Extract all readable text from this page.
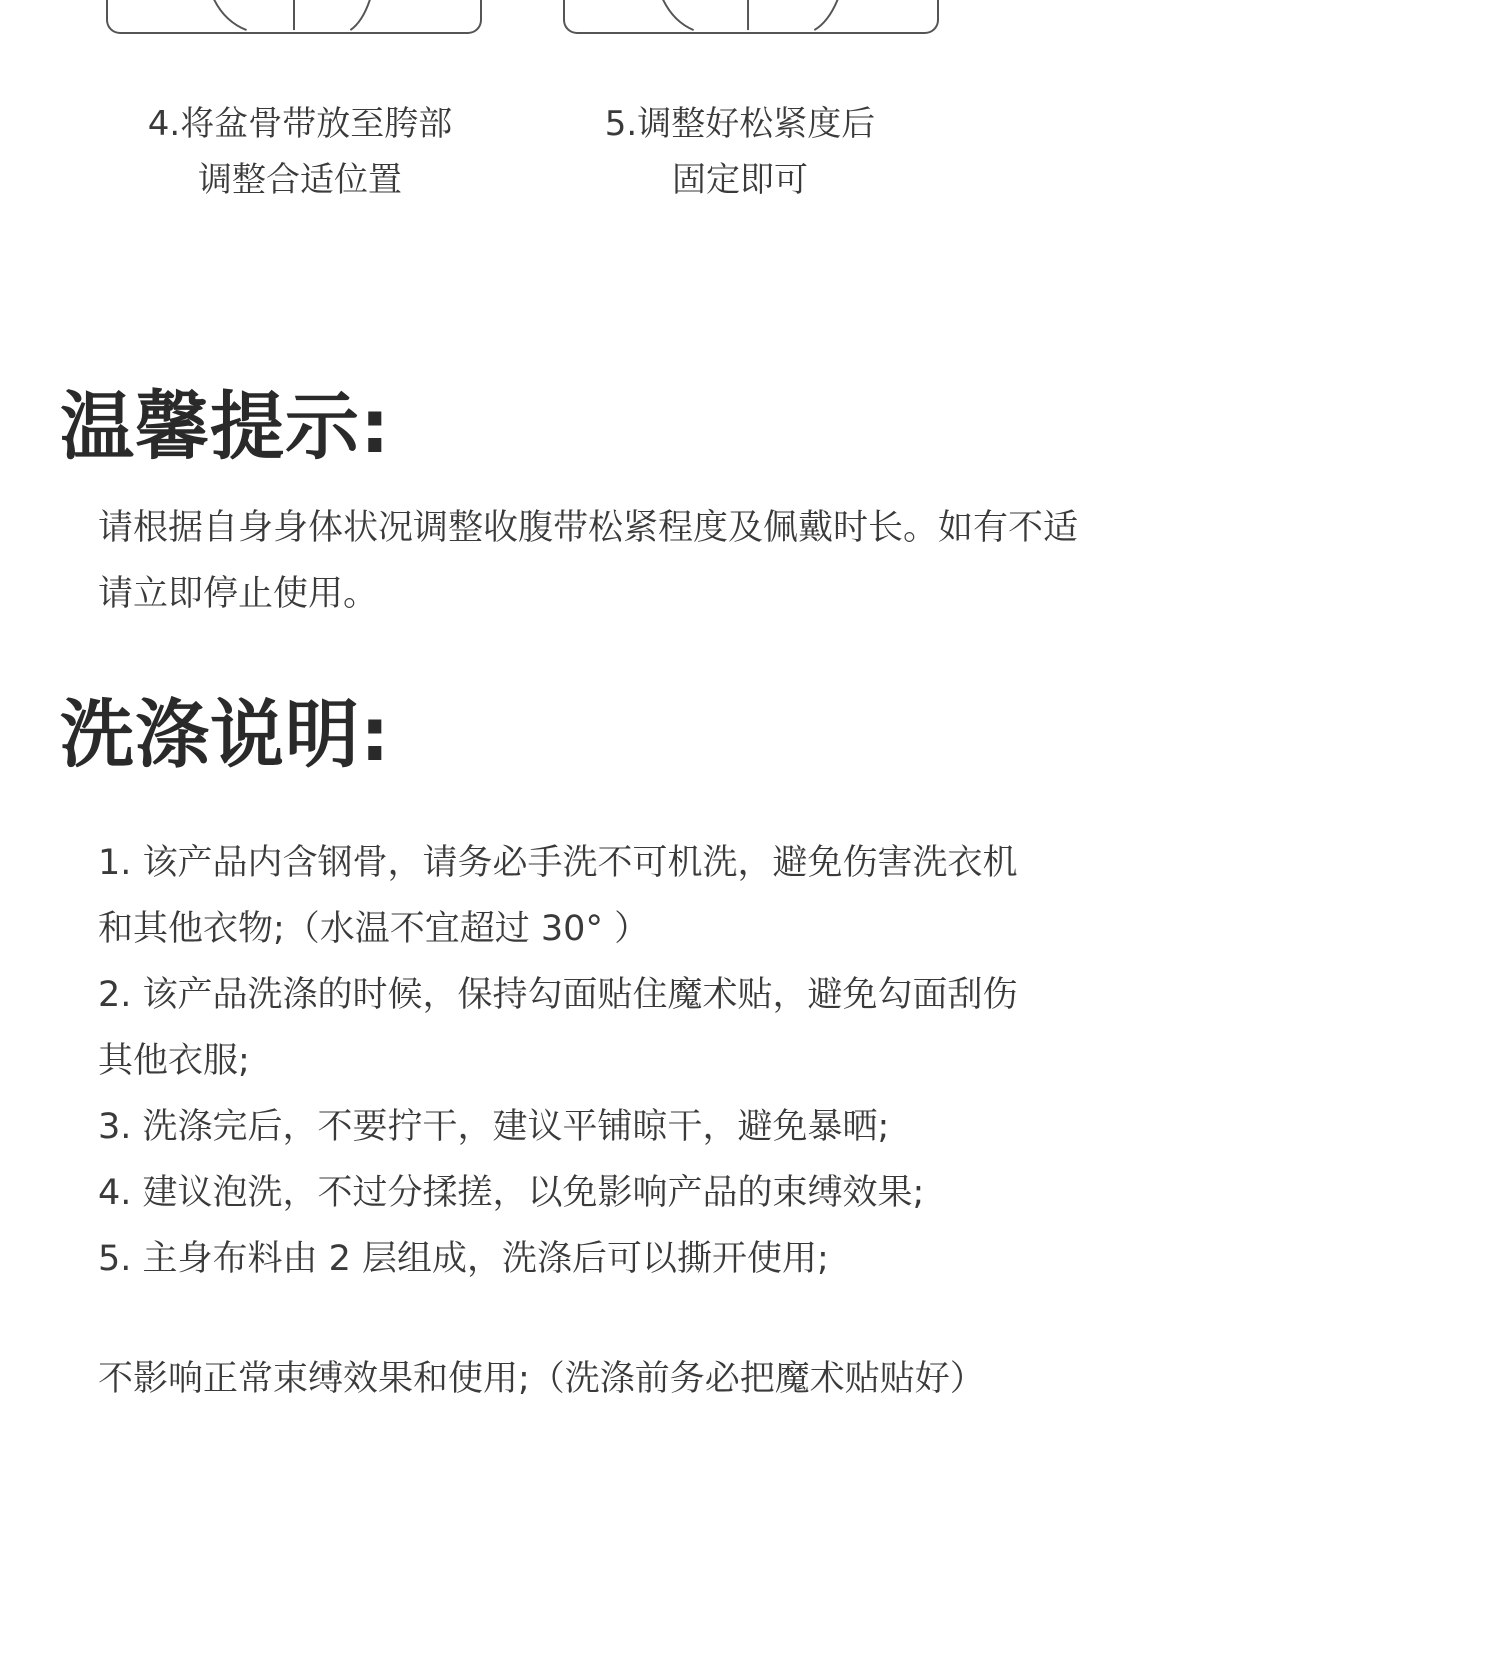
4.将盆骨带放至胯部
调整合适位置
5.调整好松紧度后
固定即可
温馨提示:
请根据自身身体状况调整收腹带松紧程度及佩戴时长。如有不适
请立即停止使用。
洗涤说明:
1. 该产品内含钢骨，请务必手洗不可机洗，避免伤害洗衣机
和其他衣物;（水温不宜超过 30° ）
2. 该产品洗涤的时候，保持勾面贴住魔术贴，避免勾面刮伤
其他衣服;
3. 洗涤完后，不要拧干，建议平铺晾干，避免暴晒;
4. 建议泡洗，不过分揉搓，以免影响产品的束缚效果;
5. 主身布料由 2 层组成，洗涤后可以撕开使用;
不影响正常束缚效果和使用;（洗涤前务必把魔术贴贴好）
